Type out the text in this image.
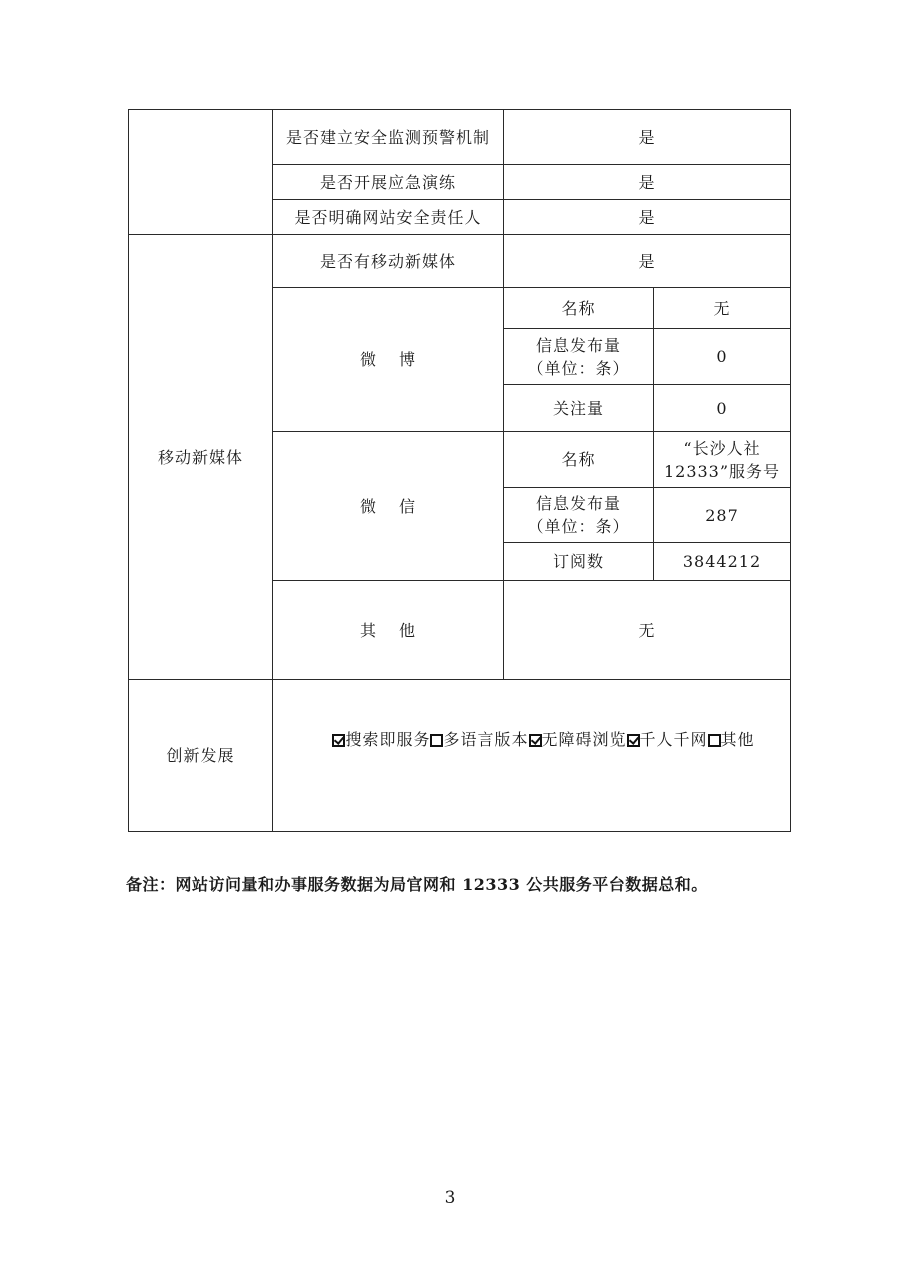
	是否建立安全监测预警机制	是	
	是否开展应急演练	是	
	是否明确网站安全责任人	是	
移动新媒体	是否有移动新媒体	是	
	微 博	名称	无
		信息发布量
（单位：条）	0
		关注量	0
	微 信	名称	“长沙人社
12333”服务号
		信息发布量
（单位：条）	287
		订阅数	3844212
	其 他	无	
创新发展	搜索即服务 多语言版本 无障碍浏览 千人千网 其他		
备注：网站访问量和办事服务数据为局官网和 12333 公共服务平台数据总和。
3
